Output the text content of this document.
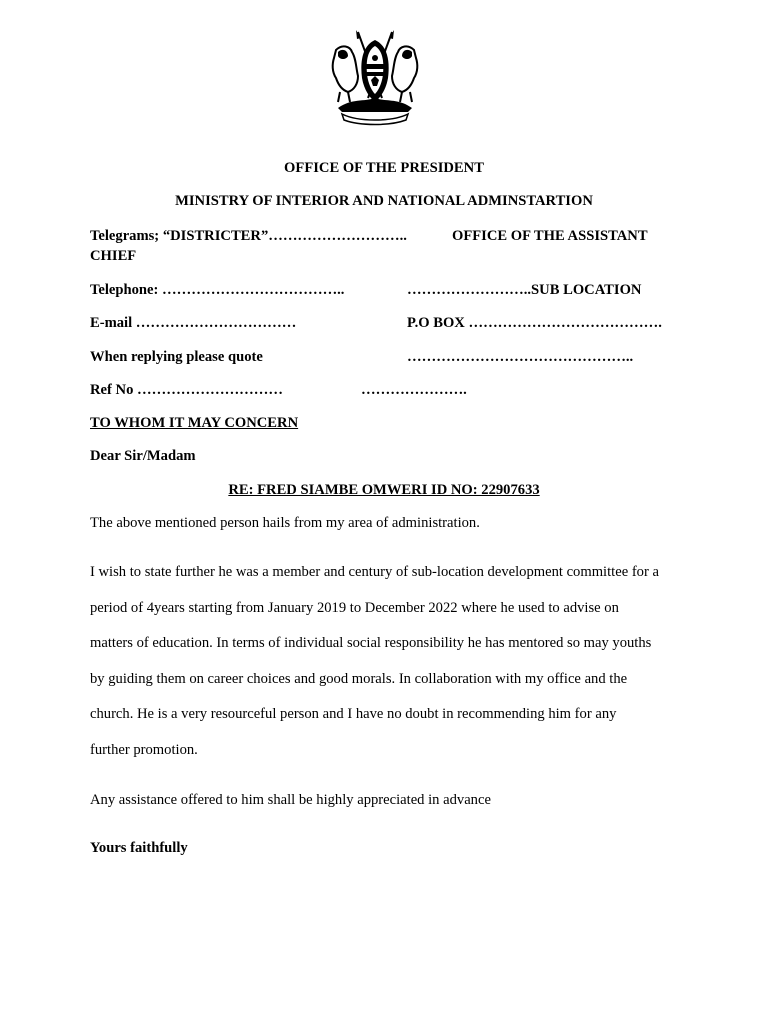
OFFICE OF THE PRESIDENT
MINISTRY OF INTERIOR AND NATIONAL ADMINSTARTION
Telegrams; “DISTRICTER”………………………..	OFFICE OF THE ASSISTANT
CHIEF
Telephone: ………………………………..	……………………..SUB LOCATION
E-mail ……………………………	P.O BOX ………………………………….
When replying please quote	………………………………………..
Ref No …………………………	………………….
TO WHOM IT MAY CONCERN
Dear Sir/Madam
RE: FRED SIAMBE OMWERI ID NO: 22907633
The above mentioned person hails from my area of administration.
I wish to state further he was a member and century of sub-location development committee for a
period of 4years starting from January 2019 to December 2022 where he used to advise on
matters of education. In terms of individual social responsibility he has mentored so may youths
by guiding them on career choices and good morals. In collaboration with my office and the
church. He is a very resourceful person and I have no doubt in recommending him for any
further promotion.
Any assistance offered to him shall be highly appreciated in advance
Yours faithfully
